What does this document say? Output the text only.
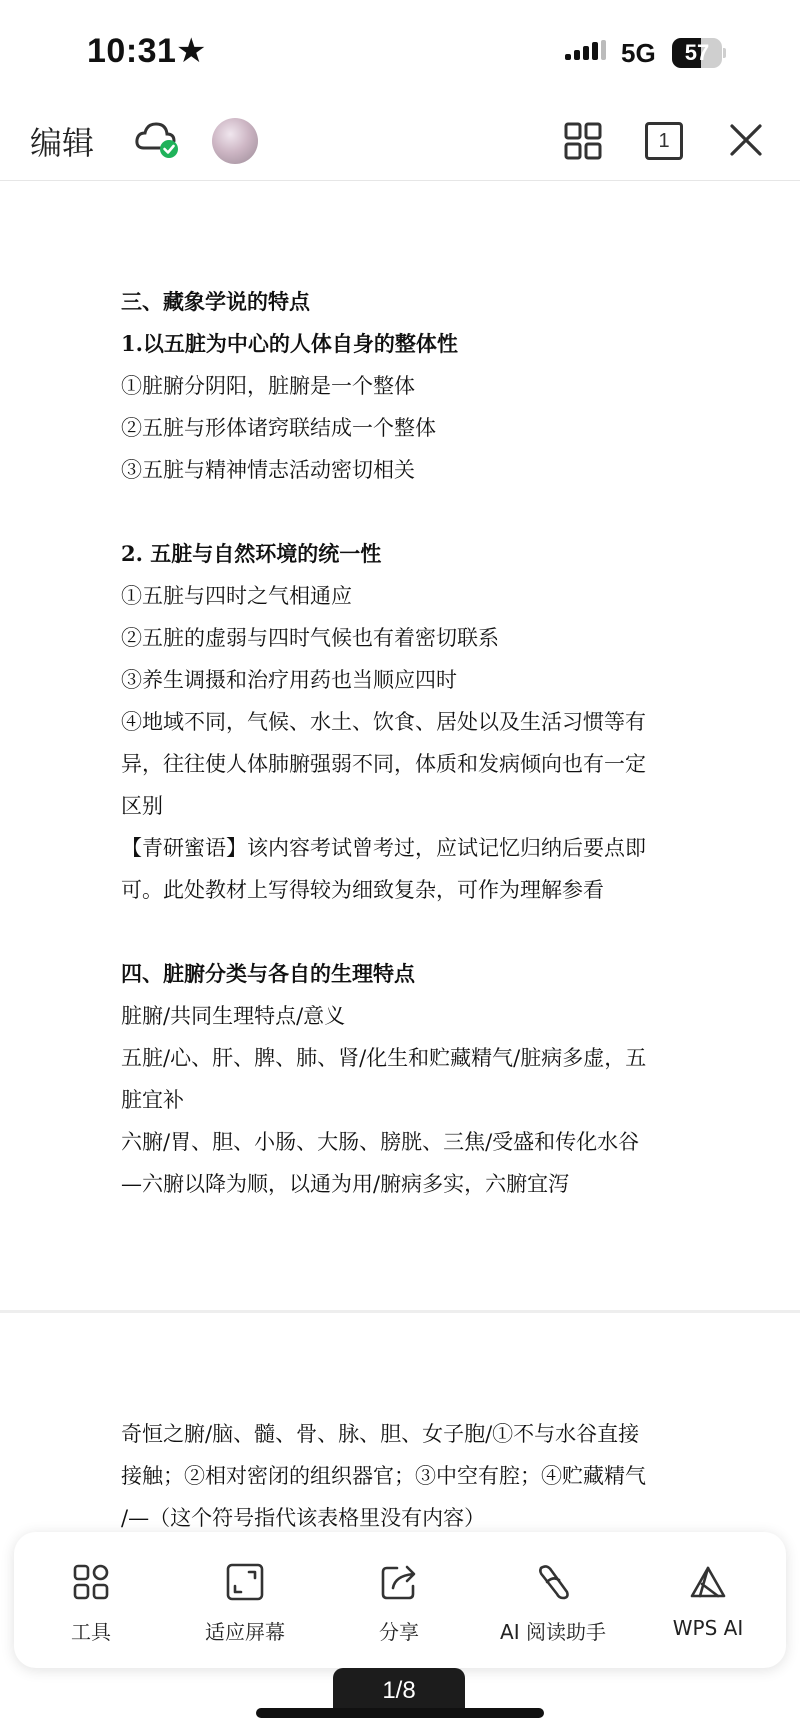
10:31 ★	5G	57
编辑	1
三、藏象学说的特点
1.以五脏为中心的人体自身的整体性
①脏腑分阴阳，脏腑是一个整体
②五脏与形体诸窍联结成一个整体
③五脏与精神情志活动密切相关
2. 五脏与自然环境的统一性
①五脏与四时之气相通应
②五脏的虚弱与四时气候也有着密切联系
③养生调摄和治疗用药也当顺应四时
④地域不同，气候、水土、饮食、居处以及生活习惯等有
异，往往使人体肺腑强弱不同，体质和发病倾向也有一定
区别
【青研蜜语】该内容考试曾考过，应试记忆归纳后要点即
可。此处教材上写得较为细致复杂，可作为理解参看
四、脏腑分类与各自的生理特点
脏腑/共同生理特点/意义
五脏/心、肝、脾、肺、肾/化生和贮藏精气/脏病多虚，五
脏宜补
六腑/胃、胆、小肠、大肠、膀胱、三焦/受盛和传化水谷
—六腑以降为顺，以通为用/腑病多实，六腑宜泻
奇恒之腑/脑、髓、骨、脉、胆、女子胞/①不与水谷直接
接触；②相对密闭的组织器官；③中空有腔；④贮藏精气
/—（这个符号指代该表格里没有内容）
工具	适应屏幕	分享	AI 阅读助手	WPS AI
1/8
